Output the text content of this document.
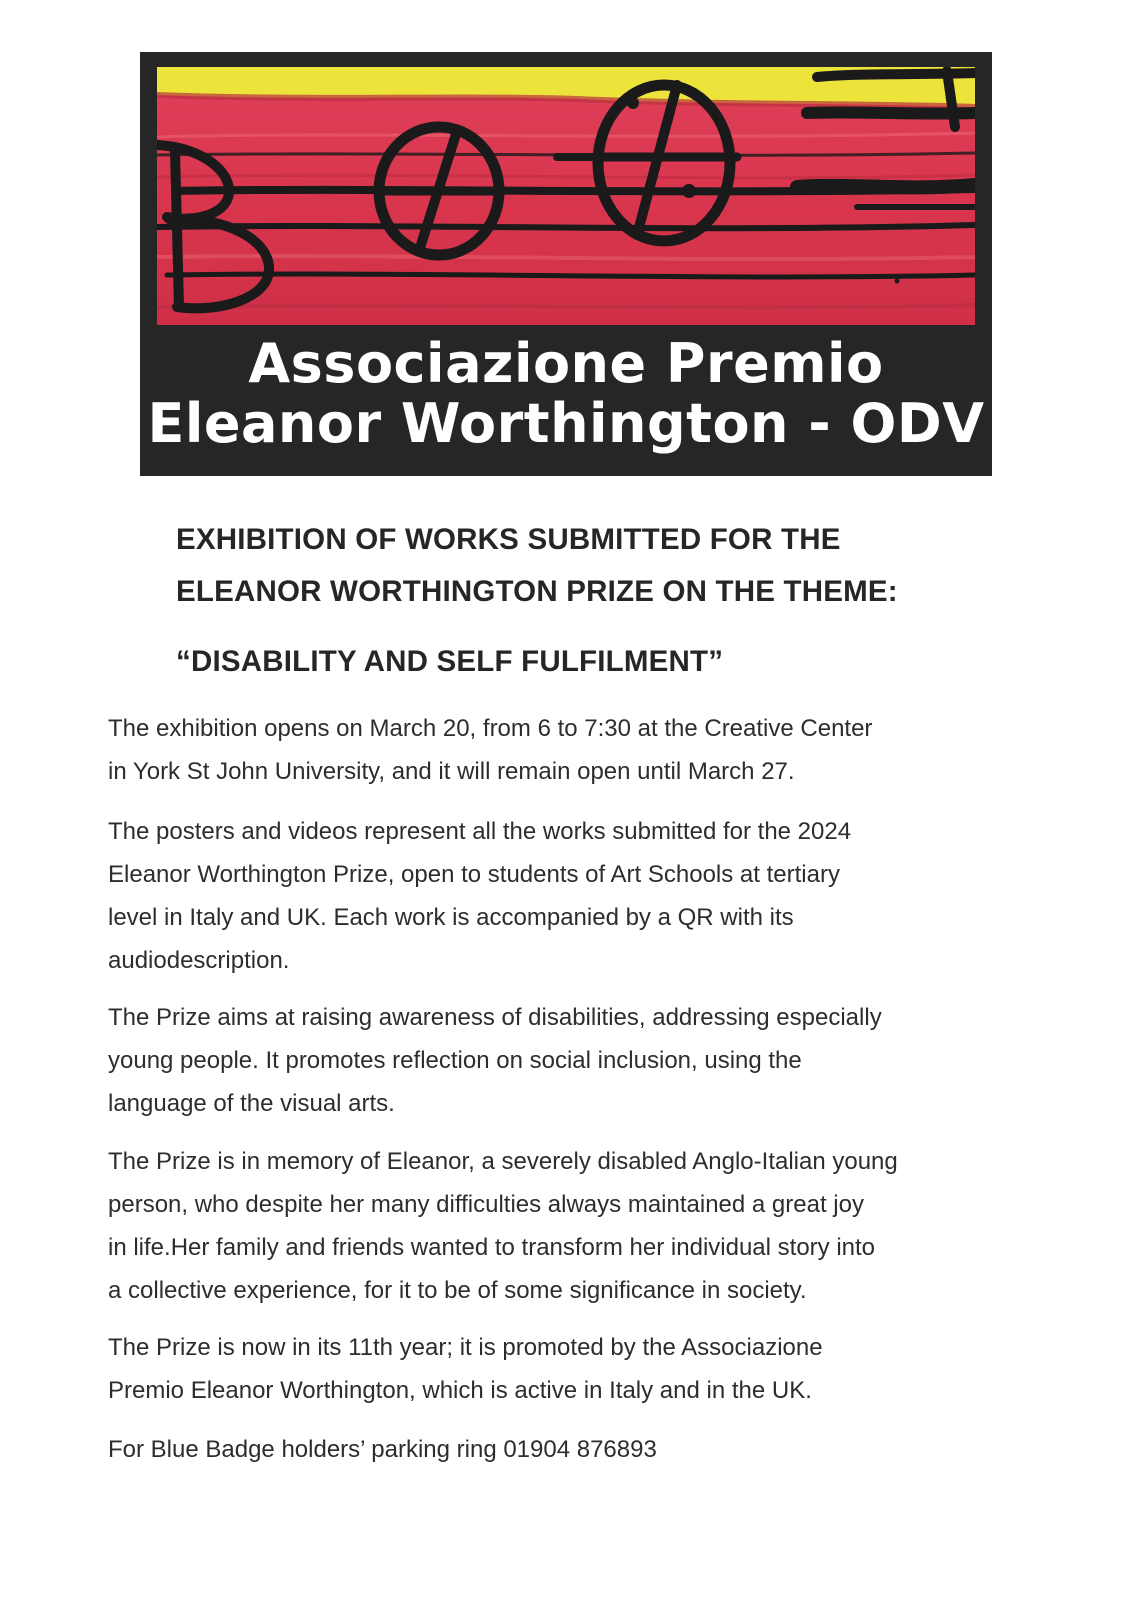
Associazione Premio
Eleanor Worthington - ODV
EXHIBITION OF WORKS SUBMITTED FOR THE
ELEANOR WORTHINGTON PRIZE ON THE THEME:
“DISABILITY AND SELF FULFILMENT”

The exhibition opens on March 20, from 6 to 7:30 at the Creative Center
in York St John University, and it will remain open until March 27.

The posters and videos represent all the works submitted for the 2024
Eleanor Worthington Prize, open to students of Art Schools at tertiary
level in Italy and UK. Each work is accompanied by a QR with its
audiodescription.

The Prize aims at raising awareness of disabilities, addressing especially
young people. It promotes reflection on social inclusion, using the
language of the visual arts.

The Prize is in memory of Eleanor, a severely disabled Anglo-Italian young
person, who despite her many difficulties always maintained a great joy
in life.Her family and friends wanted to transform her individual story into
a collective experience, for it to be of some significance in society.

The Prize is now in its 11th year; it is promoted by the Associazione
Premio Eleanor Worthington, which is active in Italy and in the UK.

For Blue Badge holders’ parking ring 01904 876893
